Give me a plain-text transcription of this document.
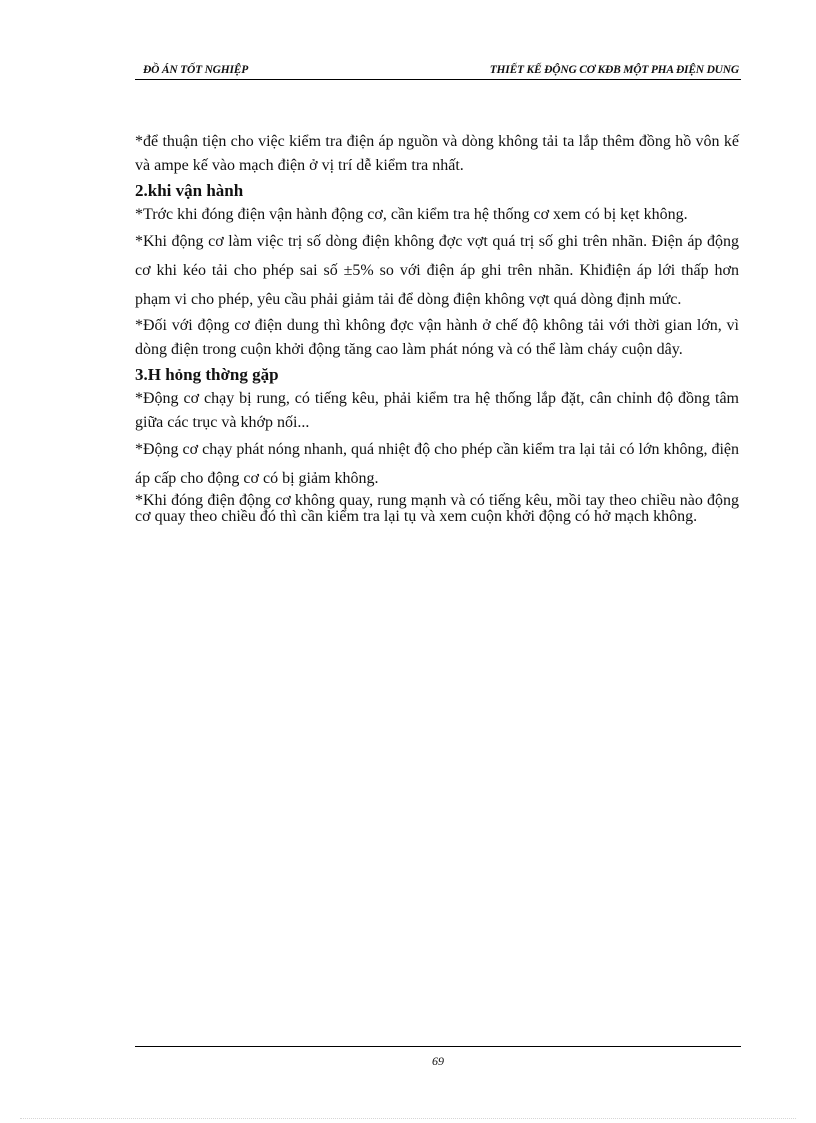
ĐỒ ÁN TỐT NGHIỆP	THIẾT KẾ ĐỘNG CƠ KĐB MỘT PHA ĐIỆN DUNG

*để thuận tiện cho việc kiểm tra điện áp nguồn và dòng không tải ta lắp thêm đồng hồ vôn kế và ampe kế vào mạch điện ở vị trí dễ kiểm tra nhất.

2.khi vận hành

*Trớc khi đóng điện vận hành động cơ, cần kiểm tra hệ thống cơ xem có bị kẹt không.

*Khi động cơ làm việc trị số dòng điện không đợc vợt quá trị số ghi trên nhãn. Điện áp động cơ khi kéo tải cho phép sai số ±5% so với điện áp ghi trên nhãn. Khiđiện áp lới thấp hơn phạm vi cho phép, yêu cầu phải giảm tải để dòng điện không vợt quá dòng định mức.

*Đối với động cơ điện dung thì không đợc vận hành ở chế độ không tải với thời gian lớn, vì dòng điện trong cuộn khởi động tăng cao làm phát nóng và có thể làm cháy cuộn dây.

3.H hỏng thờng gặp

*Động cơ chạy bị rung, có tiếng kêu, phải kiểm tra hệ thống lắp đặt, cân chỉnh độ đồng tâm giữa các trục và khớp nối...

*Động cơ chạy phát nóng nhanh, quá nhiệt độ cho phép cần kiểm tra lại tải có lớn không, điện áp cấp cho động cơ có bị giảm không.

*Khi đóng điện động cơ không quay, rung mạnh và có tiếng kêu, mồi tay theo chiều nào động cơ quay theo chiều đó thì cần kiểm tra lại tụ và xem cuộn khởi động có hở mạch không.

69
